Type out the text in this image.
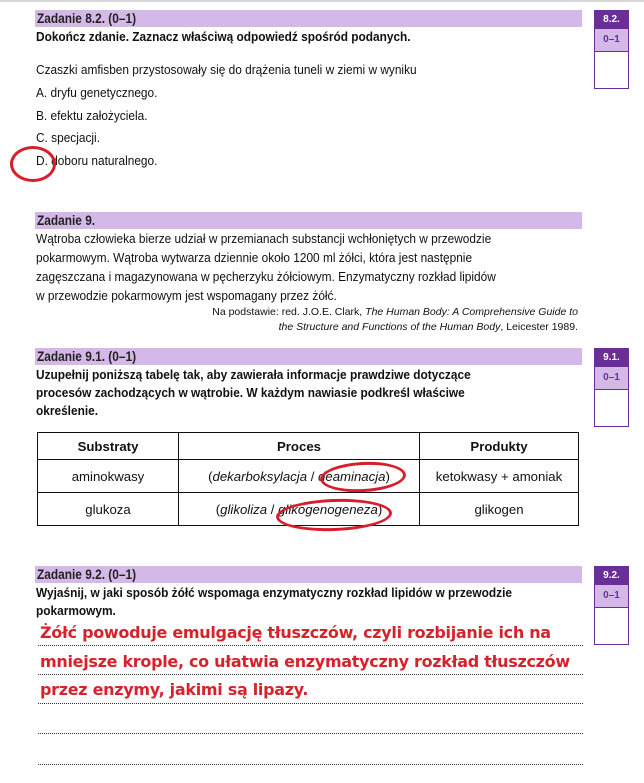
Zadanie 8.2. (0–1)	8.2.
0–1
Dokończ zdanie. Zaznacz właściwą odpowiedź spośród podanych.
Czaszki amfisben przystosowały się do drążenia tuneli w ziemi w wyniku
A. dryfu genetycznego.
B. efektu założyciela.
C. specjacji.
D. doboru naturalnego.
Zadanie 9.
Wątroba człowieka bierze udział w przemianach substancji wchłoniętych w przewodzie
pokarmowym. Wątroba wytwarza dziennie około 1200 ml żółci, która jest następnie
zagęszczana i magazynowana w pęcherzyku żółciowym. Enzymatyczny rozkład lipidów
w przewodzie pokarmowym jest wspomagany przez żółć.
Na podstawie: red. J.O.E. Clark, The Human Body: A Comprehensive Guide to
the Structure and Functions of the Human Body, Leicester 1989.
Zadanie 9.1. (0–1)	9.1.
0–1
Uzupełnij poniższą tabelę tak, aby zawierała informacje prawdziwe dotyczące
procesów zachodzących w wątrobie. W każdym nawiasie podkreśl właściwe
określenie.
Substraty	Proces	Produkty
aminokwasy	(dekarboksylacja / deaminacja)	ketokwasy + amoniak
glukoza	(glikoliza / glikogenogeneza)	glikogen
Zadanie 9.2. (0–1)	9.2.
0–1
Wyjaśnij, w jaki sposób żółć wspomaga enzymatyczny rozkład lipidów w przewodzie
pokarmowym.
Żółć powoduje emulgację tłuszczów, czyli rozbijanie ich na
mniejsze krople, co ułatwia enzymatyczny rozkład tłuszczów
przez enzymy, jakimi są lipazy.
